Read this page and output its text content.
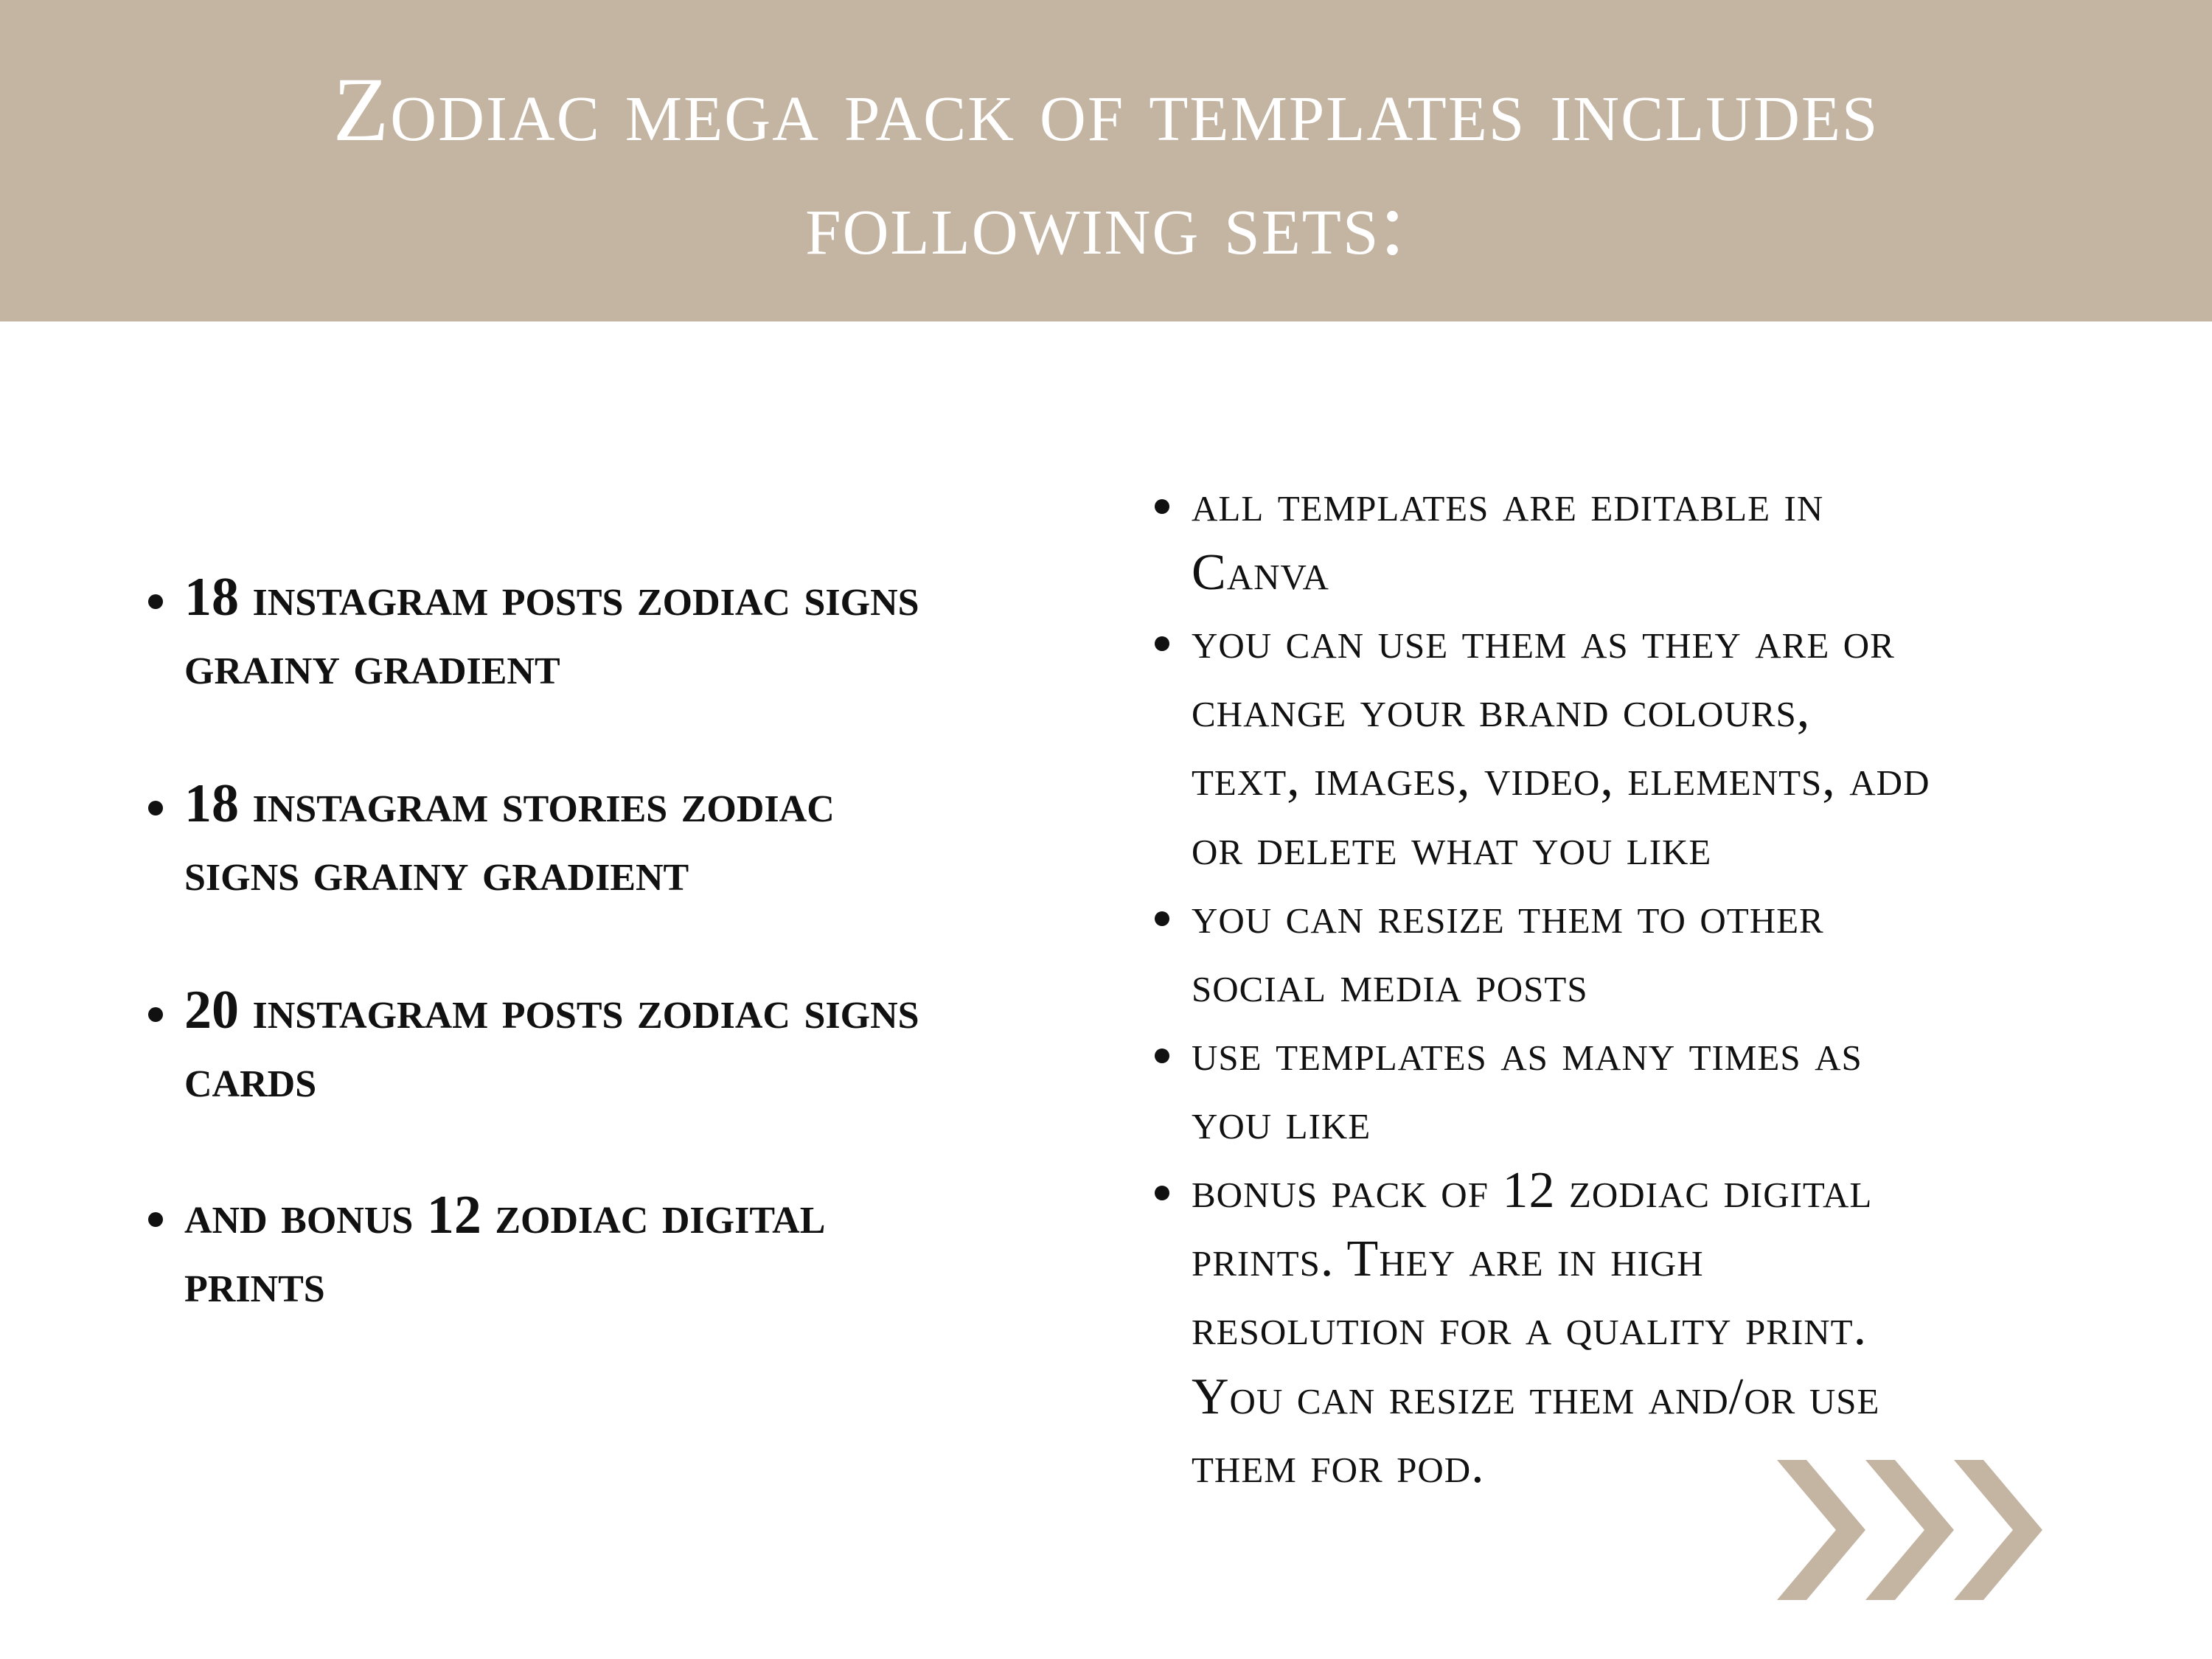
Zodiac mega pack of templates includes
following sets:
18 instagram posts zodiac signs
grainy gradient
18 instagram stories zodiac
signs grainy gradient
20 instagram posts zodiac signs
cards
and bonus 12 zodiac digital
prints
all templates are editable in
Canva
you can use them as they are or
change your brand colours,
text, images, video, elements, add
or delete what you like
you can resize them to other
social media posts
use templates as many times as
you like
bonus pack of 12 zodiac digital
prints. They are in high
resolution for a quality print.
You can resize them and/or use
them for pod.
